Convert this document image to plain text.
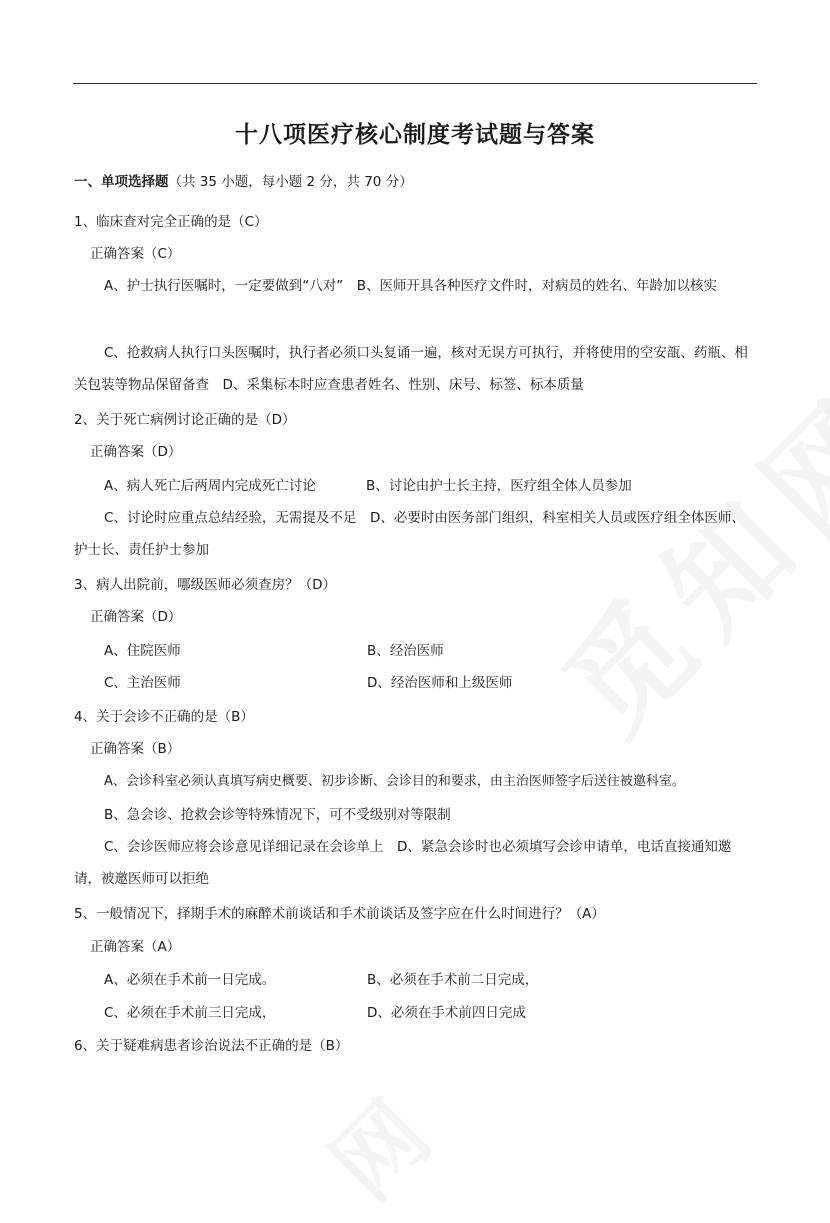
十八项医疗核心制度考试题与答案
一、单项选择题（共 35 小题，每小题 2 分，共 70 分）
1、临床查对完全正确的是（C）
正确答案（C）
A、护士执行医嘱时，一定要做到“八对”　 B、医师开具各种医疗文件时，对病员的姓名、年龄加以核实
C、抢救病人执行口头医嘱时，执行者必须口头复诵一遍，核对无误方可执行，并将使用的空安瓿、药瓶、相关包装等物品保留备查　 D、采集标本时应查患者姓名、性别、床号、标签、标本质量
2、关于死亡病例讨论正确的是（D）
正确答案（D）
A、病人死亡后两周内完成死亡讨论	B、讨论由护士长主持，医疗组全体人员参加
C、讨论时应重点总结经验，无需提及不足　 D、必要时由医务部门组织，科室相关人员或医疗组全体医师、护士长、责任护士参加
3、病人出院前，哪级医师必须查房？（D）
正确答案（D）
A、住院医师	B、经治医师
C、主治医师	D、经治医师和上级医师
4、关于会诊不正确的是（B）
正确答案（B）
A、会诊科室必须认真填写病史概要、初步诊断、会诊目的和要求，由主治医师签字后送往被邀科室。
B、急会诊、抢救会诊等特殊情况下，可不受级别对等限制
C、会诊医师应将会诊意见详细记录在会诊单上　 D、紧急会诊时也必须填写会诊申请单，电话直接通知邀请，被邀医师可以拒绝
5、一般情况下，择期手术的麻醉术前谈话和手术前谈话及签字应在什么时间进行？（A）
正确答案（A）
A、必须在手术前一日完成。	B、必须在手术前二日完成，
C、必须在手术前三日完成，	D、必须在手术前四日完成
6、关于疑难病患者诊治说法不正确的是（B）
